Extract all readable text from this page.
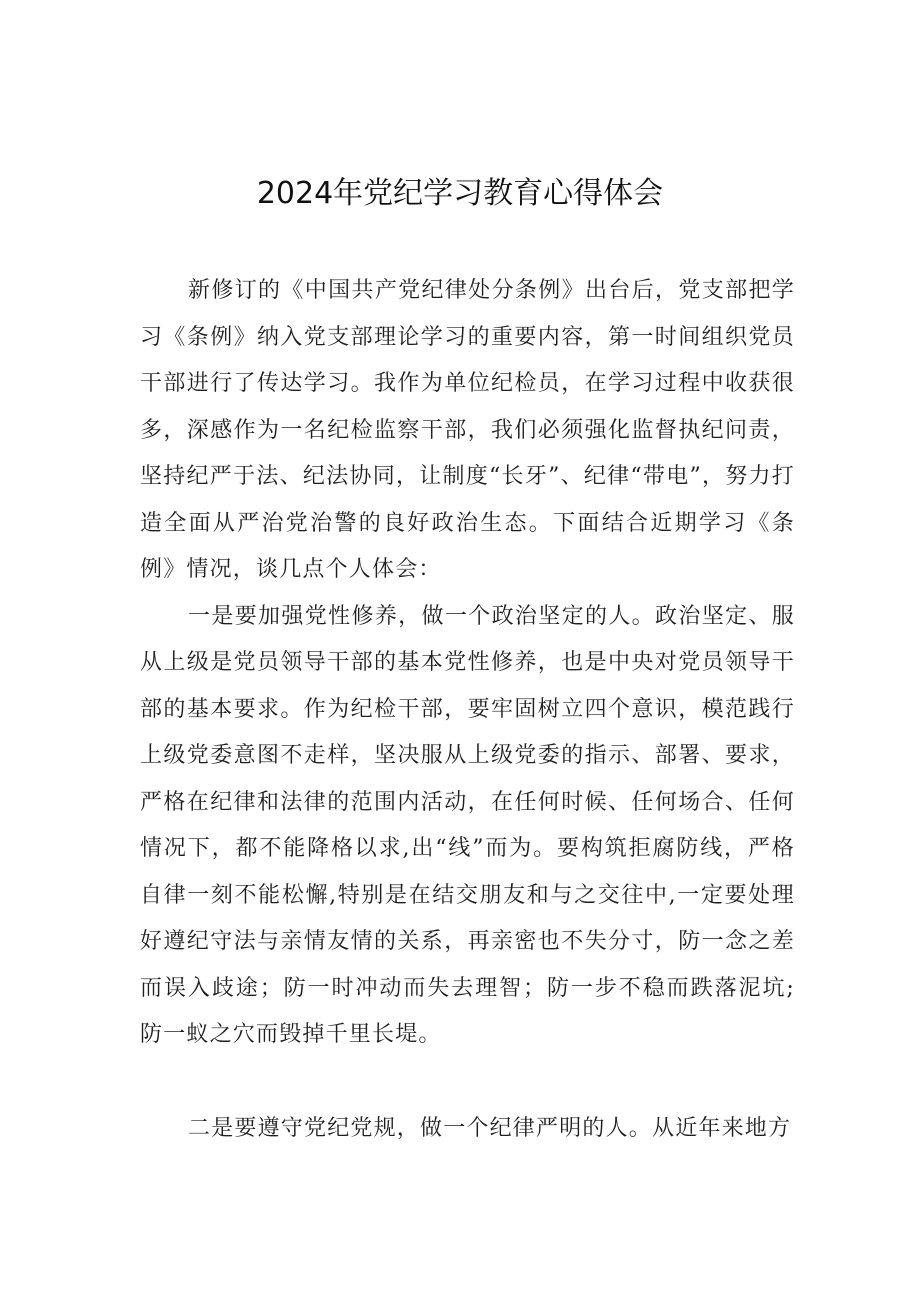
2024年党纪学习教育心得体会

新修订的《中国共产党纪律处分条例》出台后，党支部把学习《条例》纳入党支部理论学习的重要内容，第一时间组织党员干部进行了传达学习。我作为单位纪检员，在学习过程中收获很多，深感作为一名纪检监察干部，我们必须强化监督执纪问责，坚持纪严于法、纪法协同，让制度“长牙”、纪律“带电”，努力打造全面从严治党治警的良好政治生态。下面结合近期学习《条例》情况，谈几点个人体会：

一是要加强党性修养，做一个政治坚定的人。政治坚定、服从上级是党员领导干部的基本党性修养，也是中央对党员领导干部的基本要求。作为纪检干部，要牢固树立四个意识，模范践行上级党委意图不走样，坚决服从上级党委的指示、部署、要求，严格在纪律和法律的范围内活动，在任何时候、任何场合、任何情况下，都不能降格以求,出“线”而为。要构筑拒腐防线，严格自律一刻不能松懈,特别是在结交朋友和与之交往中,一定要处理好遵纪守法与亲情友情的关系，再亲密也不失分寸，防一念之差而误入歧途；防一时冲动而失去理智；防一步不稳而跌落泥坑;防一蚁之穴而毁掉千里长堤。

二是要遵守党纪党规，做一个纪律严明的人。从近年来地方
